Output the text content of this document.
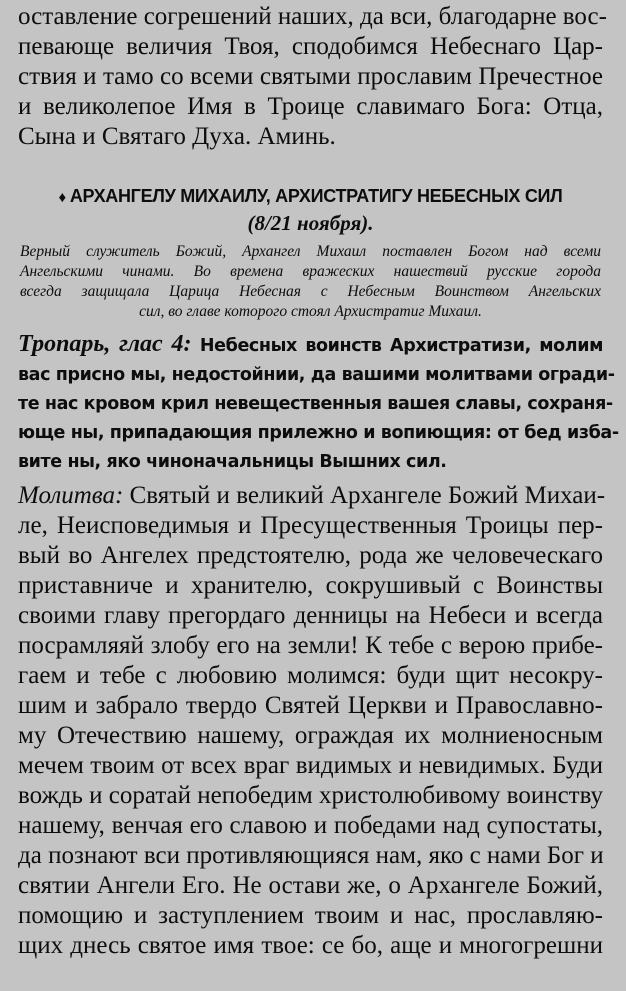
оставление согрешений наших, да вси, благодарне вос-
певающе величия Твоя, сподобимся Небеснаго Цар-
ствия и тамо со всеми святыми прославим Пречестное
и великолепое Имя в Троице славимаго Бога: Отца,
Сына и Святаго Духа. Аминь.
♦ АРХАНГЕЛУ МИХАИЛУ, АРХИСТРАТИГУ НЕБЕСНЫХ СИЛ
(8/21 ноября).
Верный служитель Божий, Архангел Михаил поставлен Богом над всеми
Ангельскими чинами. Во времена вражеских нашествий русские города
всегда защищала Царица Небесная с Небесным Воинством Ангельских
сил, во главе которого стоял Архистратиг Михаил.
Тропарь, глас 4: Небесных воинств Архистратизи, молим
вас присно мы, недостойнии, да вашими молитвами огради-
те нас кровом крил невещественныя вашея славы, сохраня-
юще ны, припадающия прилежно и вопиющия: от бед изба-
вите ны, яко чиноначальницы Вышних сил.
Молитва: Святый и великий Архангеле Божий Михаи-
ле, Неисповедимыя и Пресущественныя Троицы пер-
вый во Ангелех предстоятелю, рода же человеческаго
приставниче и хранителю, сокрушивый с Воинствы
своими главу прегордаго денницы на Небеси и всегда
посрамляяй злобу его на земли! К тебе с верою прибе-
гаем и тебе с любовию молимся: буди щит несокру-
шим и забрало твердо Святей Церкви и Православно-
му Отечествию нашему, ограждая их молниеносным
мечем твоим от всех враг видимых и невидимых. Буди
вождь и соратай непобедим христолюбивому воинству
нашему, венчая его славою и победами над супостаты,
да познают вси противляющияся нам, яко с нами Бог и
святии Ангели Его. Не остави же, о Архангеле Божий,
помощию и заступлением твоим и нас, прославляю-
щих днесь святое имя твое: се бо, аще и многогрешни
